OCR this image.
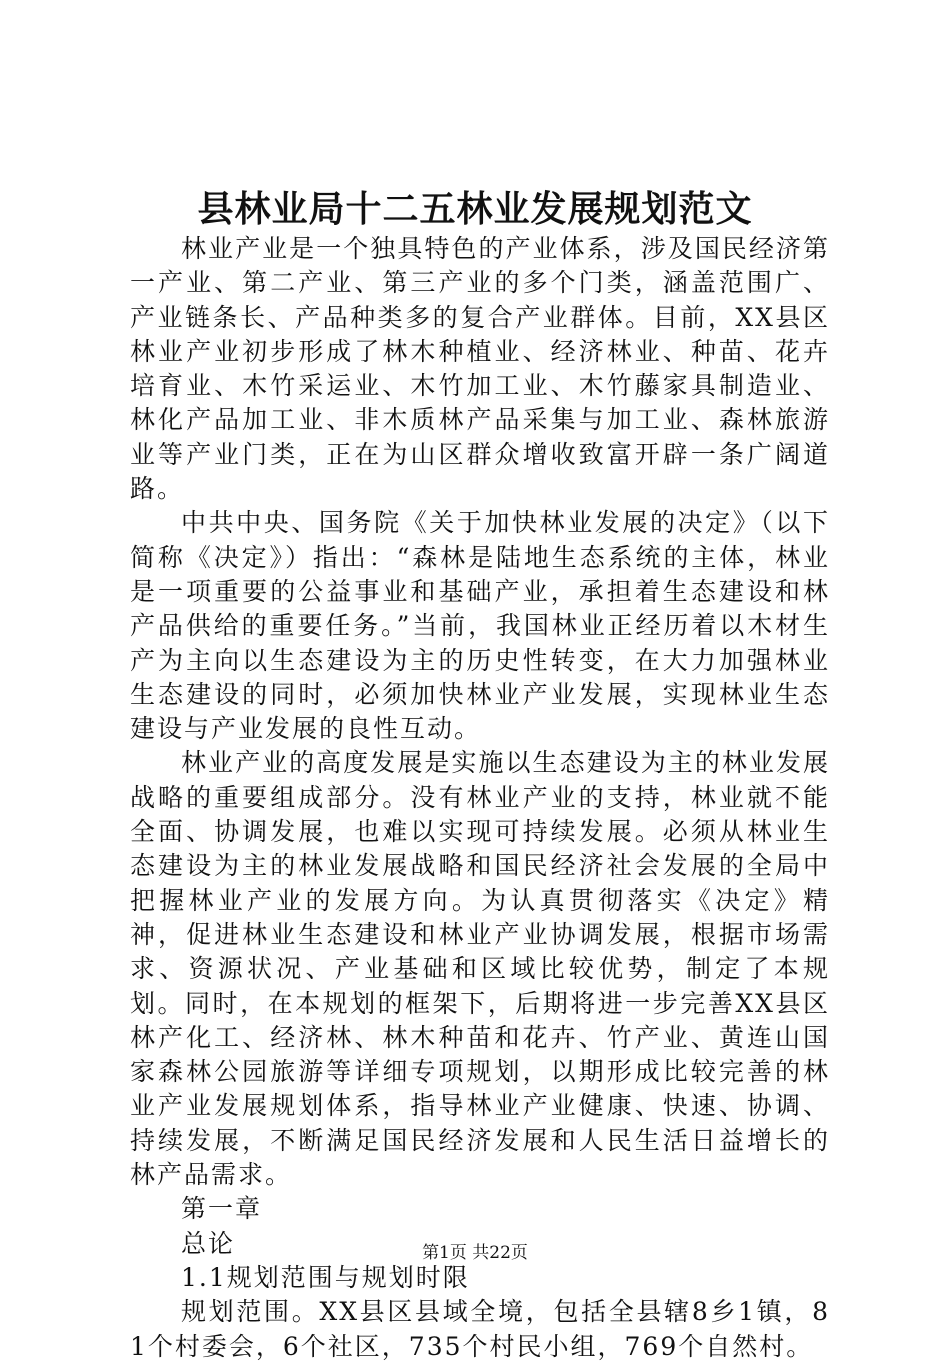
县林业局十二五林业发展规划范文

林业产业是一个独具特色的产业体系，涉及国民经济第一产业、第二产业、第三产业的多个门类，涵盖范围广、产业链条长、产品种类多的复合产业群体。目前，XX县区林业产业初步形成了林木种植业、经济林业、种苗、花卉培育业、木竹采运业、木竹加工业、木竹藤家具制造业、林化产品加工业、非木质林产品采集与加工业、森林旅游业等产业门类，正在为山区群众增收致富开辟一条广阔道路。

中共中央、国务院《关于加快林业发展的决定》（以下简称《决定》）指出：“森林是陆地生态系统的主体，林业是一项重要的公益事业和基础产业，承担着生态建设和林产品供给的重要任务。”当前，我国林业正经历着以木材生产为主向以生态建设为主的历史性转变，在大力加强林业生态建设的同时，必须加快林业产业发展，实现林业生态建设与产业发展的良性互动。

林业产业的高度发展是实施以生态建设为主的林业发展战略的重要组成部分。没有林业产业的支持，林业就不能全面、协调发展，也难以实现可持续发展。必须从林业生态建设为主的林业发展战略和国民经济社会发展的全局中把握林业产业的发展方向。为认真贯彻落实《决定》精神，促进林业生态建设和林业产业协调发展，根据市场需求、资源状况、产业基础和区域比较优势，制定了本规划。同时，在本规划的框架下，后期将进一步完善XX县区林产化工、经济林、林木种苗和花卉、竹产业、黄连山国家森林公园旅游等详细专项规划，以期形成比较完善的林业产业发展规划体系，指导林业产业健康、快速、协调、持续发展，不断满足国民经济发展和人民生活日益增长的林产品需求。

第一章

总论

1.1规划范围与规划时限

规划范围。XX县区县域全境，包括全县辖8乡1镇，81个村委会，6个社区，735个村民小组，769个自然村。

第1页 共22页
